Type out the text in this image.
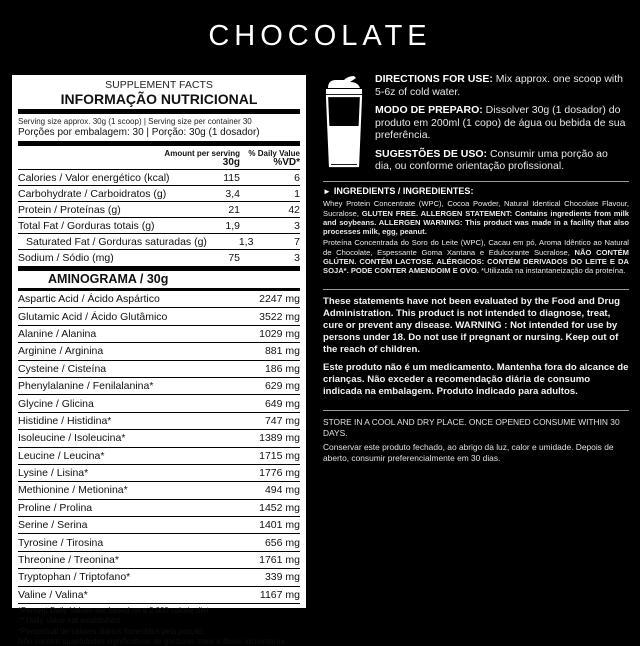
CHOCOLATE
SUPPLEMENT FACTS
INFORMAÇÃO NUTRICIONAL
Serving size approx. 30g (1 scoop) | Serving size per container 30
Porções por embalagem: 30 | Porção: 30g (1 dosador)
Amount per serving
30g
% Daily Value
%VD*
Calories / Valor energético (kcal)	115	6
Carbohydrate / Carboidratos (g)	3,4	1
Protein / Proteínas (g)	21	42
Total Fat / Gorduras totais (g)	1,9	3
Saturated Fat / Gorduras saturadas (g)	1,3	7
Sodium / Sódio (mg)	75	3
AMINOGRAMA / 30g
Aspartic Acid / Ácido Aspártico	2247 mg
Glutamic Acid / Ácido Glutâmico	3522 mg
Alanine / Alanina	1029 mg
Arginine / Arginina	881 mg
Cysteine / Cisteína	186 mg
Phenylalanine / Fenilalanina*	629 mg
Glycine / Glicina	649 mg
Histidine / Histidina*	747 mg
Isoleucine / Isoleucina*	1389 mg
Leucine / Leucina*	1715 mg
Lysine / Lisina*	1776 mg
Methionine / Metionina*	494 mg
Proline / Prolina	1452 mg
Serine / Serina	1401 mg
Tyrosine / Tirosina	656 mg
Threonine / Treonina*	1761 mg
Tryptophan / Triptofano*	339 mg
Valine / Valina*	1167 mg
*Percent Daily Values are based on a 2,000 calorie diet.
** Daily Value not established.
*Percentual de valores diários fornecidos pela porção.
Não contém quantidades significativas de gorduras trans e fibras alimentares.

DIRECTIONS FOR USE: Mix approx. one scoop with 5-6z of cold water.

MODO DE PREPARO: Dissolver 30g (1 dosador) do produto em 200ml (1 copo) de água ou bebida de sua preferência.

SUGESTÕES DE USO: Consumir uma porção ao dia, ou conforme orientação profissional.

► INGREDIENTS / INGREDIENTES:

Whey Protein Concentrate (WPC), Cocoa Powder, Natural Identical Chocolate Flavour, Sucralose, GLUTEN FREE. ALLERGEN STATEMENT: Contains ingredients from milk and soybeans. ALLERGEN WARNING: This product was made in a facility that also processes milk, egg, peanut.

Proteína Concentrada do Soro do Leite (WPC), Cacau em pó, Aroma Idêntico ao Natural de Chocolate, Espessante Goma Xantana e Edulcorante Sucralose, NÃO CONTÉM GLÚTEN. CONTÉM LACTOSE. ALÉRGICOS: CONTÉM DERIVADOS DO LEITE E DA SOJA*. PODE CONTER AMENDOIM E OVO. *Utilizada na instantaneização da proteína.

These statements have not been evaluated by the Food and Drug Administration. This product is not intended to diagnose, treat, cure or prevent any disease. WARNING : Not intended for use by persons under 18. Do not use if pregnant or nursing. Keep out of the reach of children.

Este produto não é um medicamento. Mantenha fora do alcance de crianças. Não exceder a recomendação diária de consumo indicada na embalagem. Produto indicado para adultos.

STORE IN A COOL AND DRY PLACE. ONCE OPENED CONSUME WITHIN 30 DAYS.

Conservar este produto fechado, ao abrigo da luz, calor e umidade. Depois de aberto, consumir preferencialmente em 30 dias.
